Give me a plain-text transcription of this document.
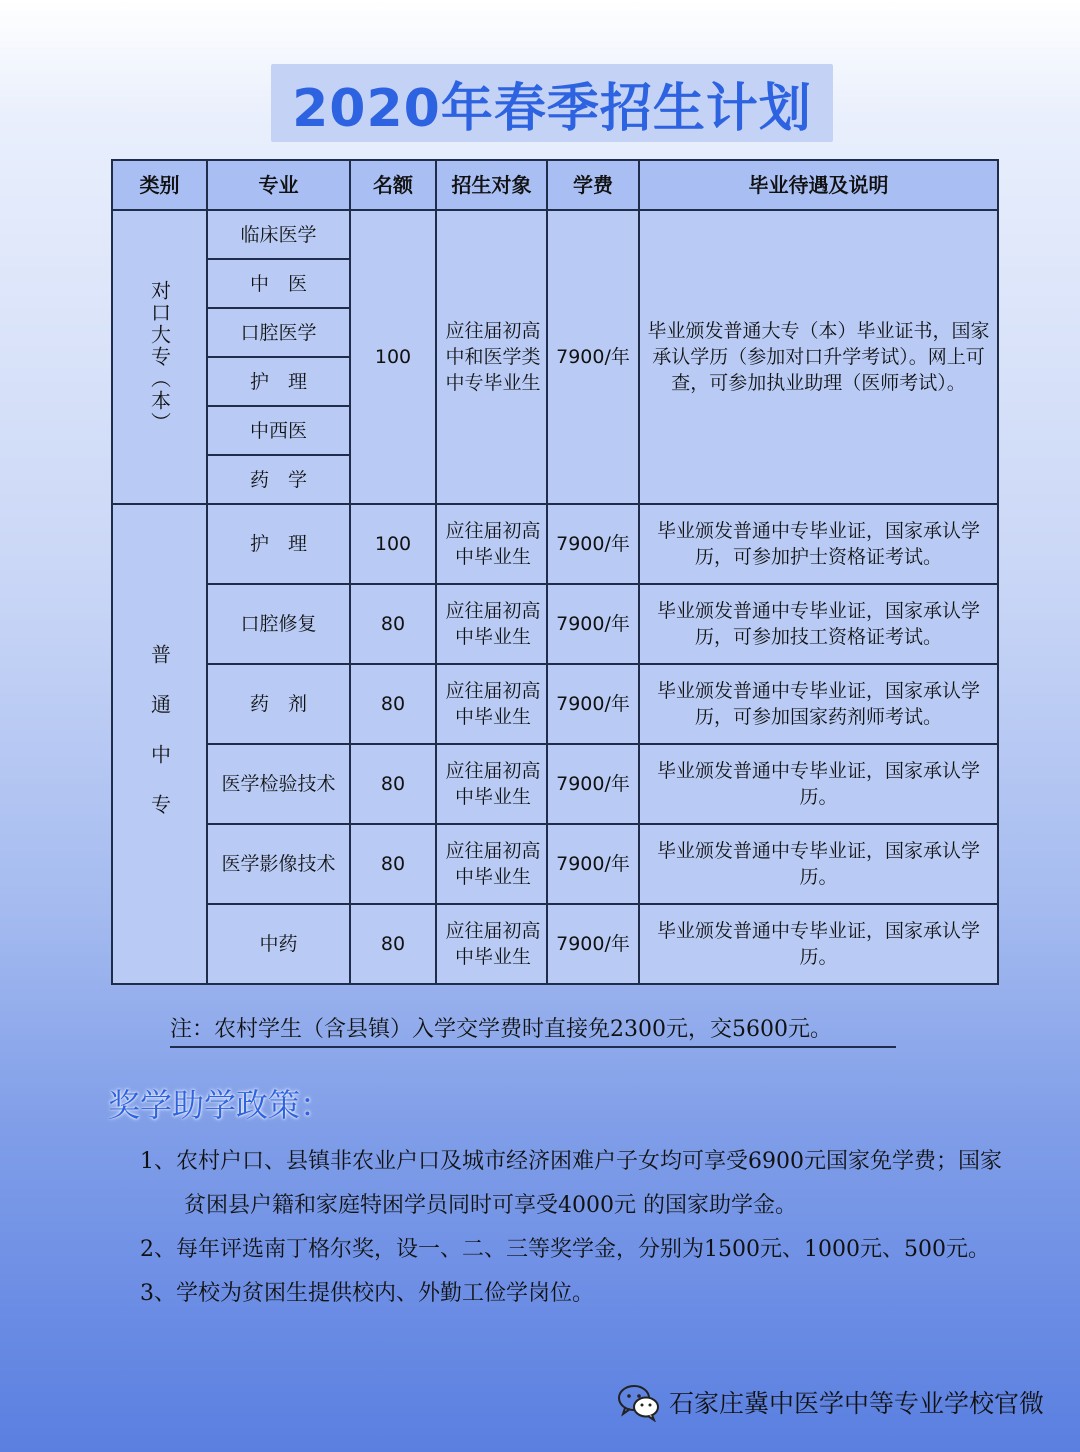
2020年春季招生计划
类别	专业	名额	招生对象	学费	毕业待遇及说明

对口大专（本）	临床医学	100	应往届初高中和医学类中专毕业生	7900/年	毕业颁发普通大专（本）毕业证书，国家承认学历（参加对口升学考试）。网上可查，可参加执业助理（医师考试）。
	中　医				
	口腔医学				
	护　理				
	中西医				
	药　学				

普通中专	护　理	100	应往届初高中毕业生	7900/年	毕业颁发普通中专毕业证，国家承认学历，可参加护士资格证考试。
	口腔修复	80	应往届初高中毕业生	7900/年	毕业颁发普通中专毕业证，国家承认学历，可参加技工资格证考试。
	药　剂	80	应往届初高中毕业生	7900/年	毕业颁发普通中专毕业证，国家承认学历，可参加国家药剂师考试。
	医学检验技术	80	应往届初高中毕业生	7900/年	毕业颁发普通中专毕业证，国家承认学历。
	医学影像技术	80	应往届初高中毕业生	7900/年	毕业颁发普通中专毕业证，国家承认学历。
	中药	80	应往届初高中毕业生	7900/年	毕业颁发普通中专毕业证，国家承认学历。
注：农村学生（含县镇）入学交学费时直接免2300元，交5600元。
奖学助学政策：
1、农村户口、县镇非农业户口及城市经济困难户子女均可享受6900元国家免学费；国家贫困县户籍和家庭特困学员同时可享受4000元 的国家助学金。
2、每年评选南丁格尔奖，设一、二、三等奖学金，分别为1500元、1000元、500元。
3、学校为贫困生提供校内、外勤工俭学岗位。
石家庄冀中医学中等专业学校官微
